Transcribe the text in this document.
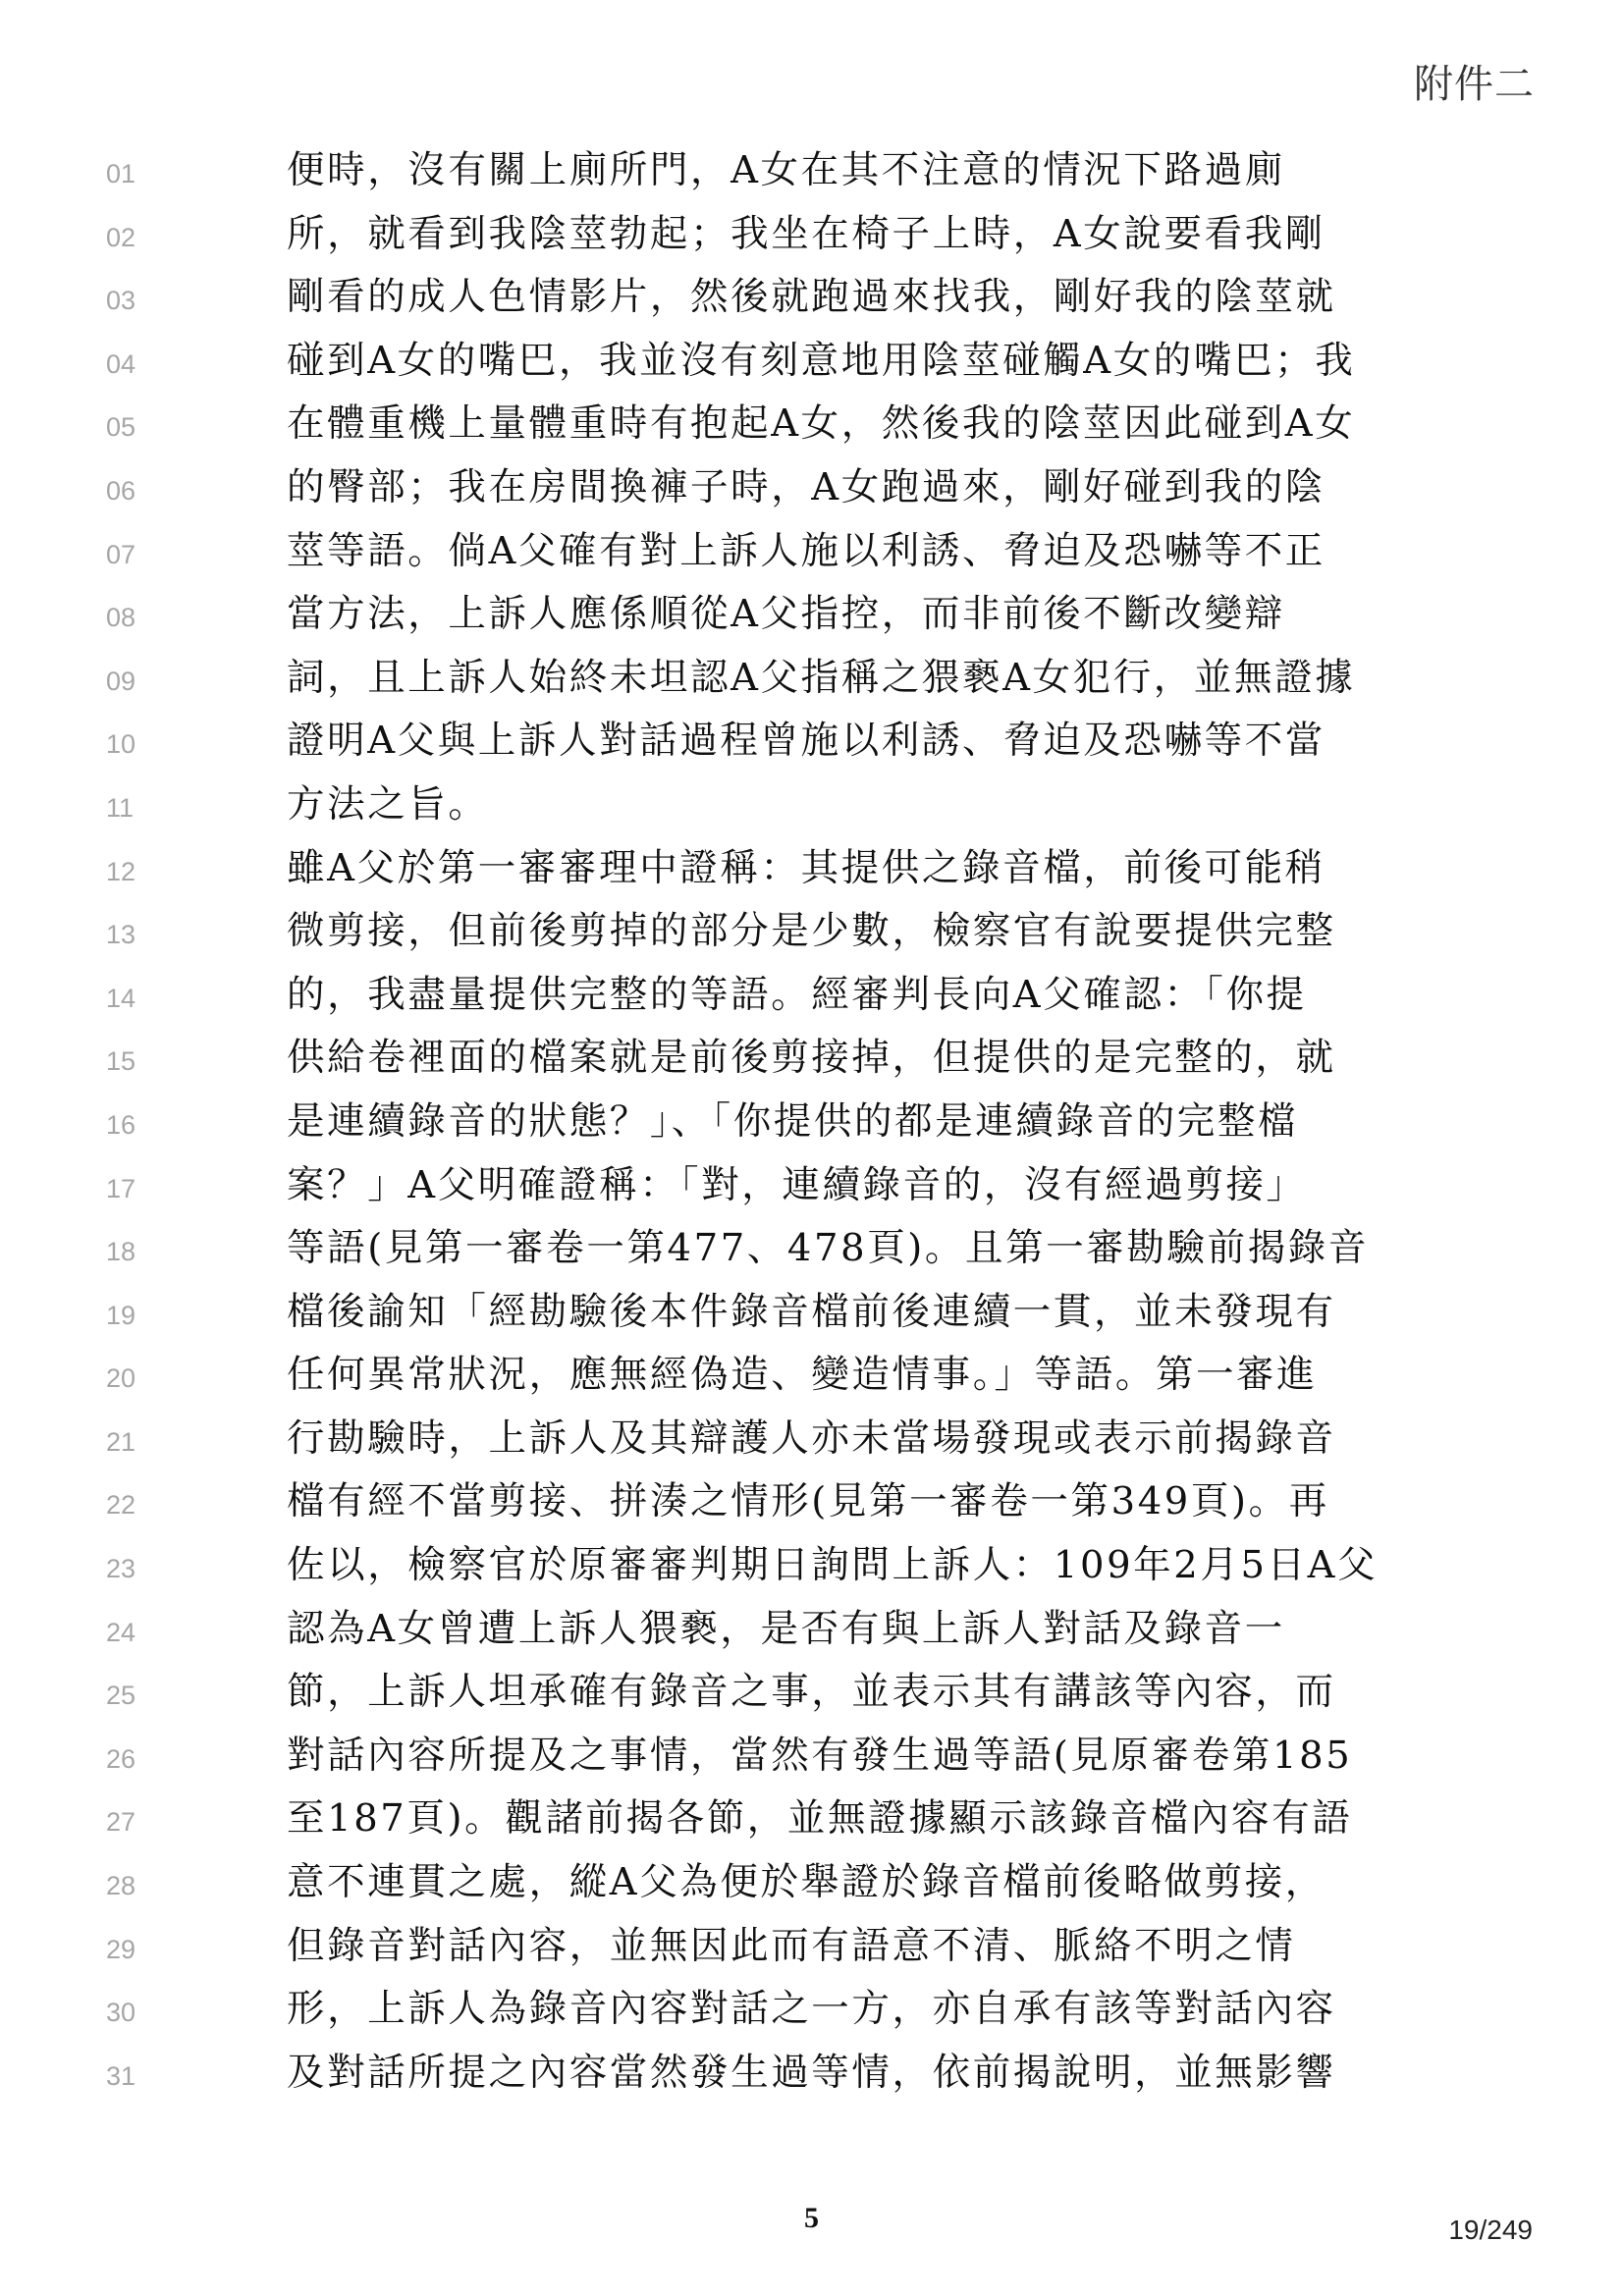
附件二
01	便時，沒有關上廁所門，A女在其不注意的情況下路過廁
02	所，就看到我陰莖勃起；我坐在椅子上時，A女說要看我剛
03	剛看的成人色情影片，然後就跑過來找我，剛好我的陰莖就
04	碰到A女的嘴巴，我並沒有刻意地用陰莖碰觸A女的嘴巴；我
05	在體重機上量體重時有抱起A女，然後我的陰莖因此碰到A女
06	的臀部；我在房間換褲子時，A女跑過來，剛好碰到我的陰
07	莖等語。倘A父確有對上訴人施以利誘、脅迫及恐嚇等不正
08	當方法，上訴人應係順從A父指控，而非前後不斷改變辯
09	詞，且上訴人始終未坦認A父指稱之猥褻A女犯行，並無證據
10	證明A父與上訴人對話過程曾施以利誘、脅迫及恐嚇等不當
11	方法之旨。
12	雖A父於第一審審理中證稱：其提供之錄音檔，前後可能稍
13	微剪接，但前後剪掉的部分是少數，檢察官有說要提供完整
14	的，我盡量提供完整的等語。經審判長向A父確認：「你提
15	供給卷裡面的檔案就是前後剪接掉，但提供的是完整的，就
16	是連續錄音的狀態？」、「你提供的都是連續錄音的完整檔
17	案？」A父明確證稱：「對，連續錄音的，沒有經過剪接」
18	等語(見第一審卷一第477、478頁)。且第一審勘驗前揭錄音
19	檔後諭知「經勘驗後本件錄音檔前後連續一貫，並未發現有
20	任何異常狀況，應無經偽造、變造情事。」等語。第一審進
21	行勘驗時，上訴人及其辯護人亦未當場發現或表示前揭錄音
22	檔有經不當剪接、拼湊之情形(見第一審卷一第349頁)。再
23	佐以，檢察官於原審審判期日詢問上訴人：109年2月5日A父
24	認為A女曾遭上訴人猥褻，是否有與上訴人對話及錄音一
25	節，上訴人坦承確有錄音之事，並表示其有講該等內容，而
26	對話內容所提及之事情，當然有發生過等語(見原審卷第185
27	至187頁)。觀諸前揭各節，並無證據顯示該錄音檔內容有語
28	意不連貫之處，縱A父為便於舉證於錄音檔前後略做剪接，
29	但錄音對話內容，並無因此而有語意不清、脈絡不明之情
30	形，上訴人為錄音內容對話之一方，亦自承有該等對話內容
31	及對話所提之內容當然發生過等情，依前揭說明，並無影響
5	19/249
